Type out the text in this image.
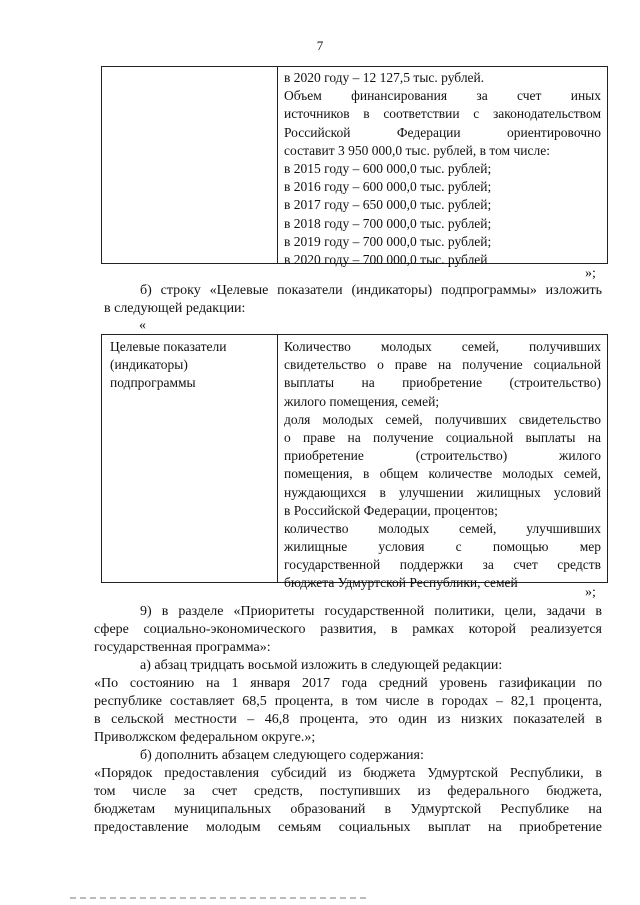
7
в 2020 году – 12 127,5 тыс. рублей.
Объем финансирования за счет иных
источников в соответствии с законодательством
Российской Федерации ориентировочно
составит 3 950 000,0 тыс. рублей, в том числе:
в 2015 году – 600 000,0 тыс. рублей;
в 2016 году – 600 000,0 тыс. рублей;
в 2017 году – 650 000,0 тыс. рублей;
в 2018 году – 700 000,0 тыс. рублей;
в 2019 году – 700 000,0 тыс. рублей;
в 2020 году – 700 000,0 тыс. рублей
»;
б) строку «Целевые показатели (индикаторы) подпрограммы» изложить
в следующей редакции:
«
Целевые показатели
(индикаторы)
подпрограммы
Количество молодых семей, получивших
свидетельство о праве на получение социальной
выплаты на приобретение (строительство)
жилого помещения, семей;
доля молодых семей, получивших свидетельство
о праве на получение социальной выплаты на
приобретение (строительство) жилого
помещения, в общем количестве молодых семей,
нуждающихся в улучшении жилищных условий
в Российской Федерации, процентов;
количество молодых семей, улучшивших
жилищные условия с помощью мер
государственной поддержки за счет средств
бюджета Удмуртской Республики, семей
»;
9) в разделе «Приоритеты государственной политики, цели, задачи в
сфере социально-экономического развития, в рамках которой реализуется
государственная программа»:
а) абзац тридцать восьмой изложить в следующей редакции:
«По состоянию на 1 января 2017 года средний уровень газификации по
республике составляет 68,5 процента, в том числе в городах – 82,1 процента,
в сельской местности – 46,8 процента, это один из низких показателей в
Приволжском федеральном округе.»;
б) дополнить абзацем следующего содержания:
«Порядок предоставления субсидий из бюджета Удмуртской Республики, в
том числе за счет средств, поступивших из федерального бюджета,
бюджетам муниципальных образований в Удмуртской Республике на
предоставление молодым семьям социальных выплат на приобретение
